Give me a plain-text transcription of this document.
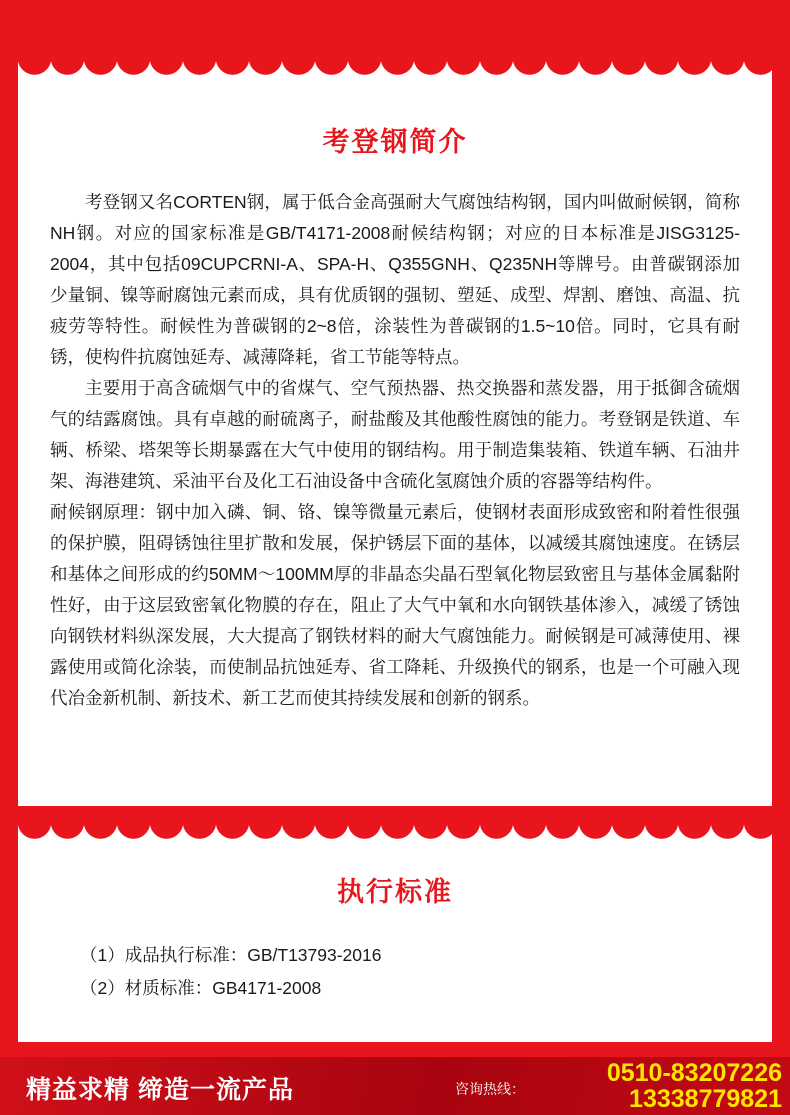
考登钢简介

考登钢又名CORTEN钢，属于低合金高强耐大气腐蚀结构钢，国内叫做耐候钢，简称NH钢。对应的国家标准是GB/T4171-2008耐候结构钢；对应的日本标准是JISG3125-2004，其中包括09CUPCRNI-A、SPA-H、Q355GNH、Q235NH等牌号。由普碳钢添加少量铜、镍等耐腐蚀元素而成，具有优质钢的强韧、塑延、成型、焊割、磨蚀、高温、抗疲劳等特性。耐候性为普碳钢的2~8倍，涂装性为普碳钢的1.5~10倍。同时，它具有耐锈，使构件抗腐蚀延寿、减薄降耗，省工节能等特点。

主要用于高含硫烟气中的省煤气、空气预热器、热交换器和蒸发器，用于抵御含硫烟气的结露腐蚀。具有卓越的耐硫离子，耐盐酸及其他酸性腐蚀的能力。考登钢是铁道、车辆、桥梁、塔架等长期暴露在大气中使用的钢结构。用于制造集装箱、铁道车辆、石油井架、海港建筑、采油平台及化工石油设备中含硫化氢腐蚀介质的容器等结构件。

耐候钢原理：钢中加入磷、铜、铬、镍等微量元素后，使钢材表面形成致密和附着性很强的保护膜，阻碍锈蚀往里扩散和发展，保护锈层下面的基体，以减缓其腐蚀速度。在锈层和基体之间形成的约50MM～100MM厚的非晶态尖晶石型氧化物层致密且与基体金属黏附性好，由于这层致密氧化物膜的存在，阻止了大气中氧和水向钢铁基体渗入，减缓了锈蚀向钢铁材料纵深发展，大大提高了钢铁材料的耐大气腐蚀能力。耐候钢是可减薄使用、裸露使用或简化涂装，而使制品抗蚀延寿、省工降耗、升级换代的钢系，也是一个可融入现代冶金新机制、新技术、新工艺而使其持续发展和创新的钢系。

执行标准
（1）成品执行标准：GB/T13793-2016
（2）材质标准：GB4171-2008
精益求精 缔造一流产品	咨询热线：
0510-83207226
13338779821
